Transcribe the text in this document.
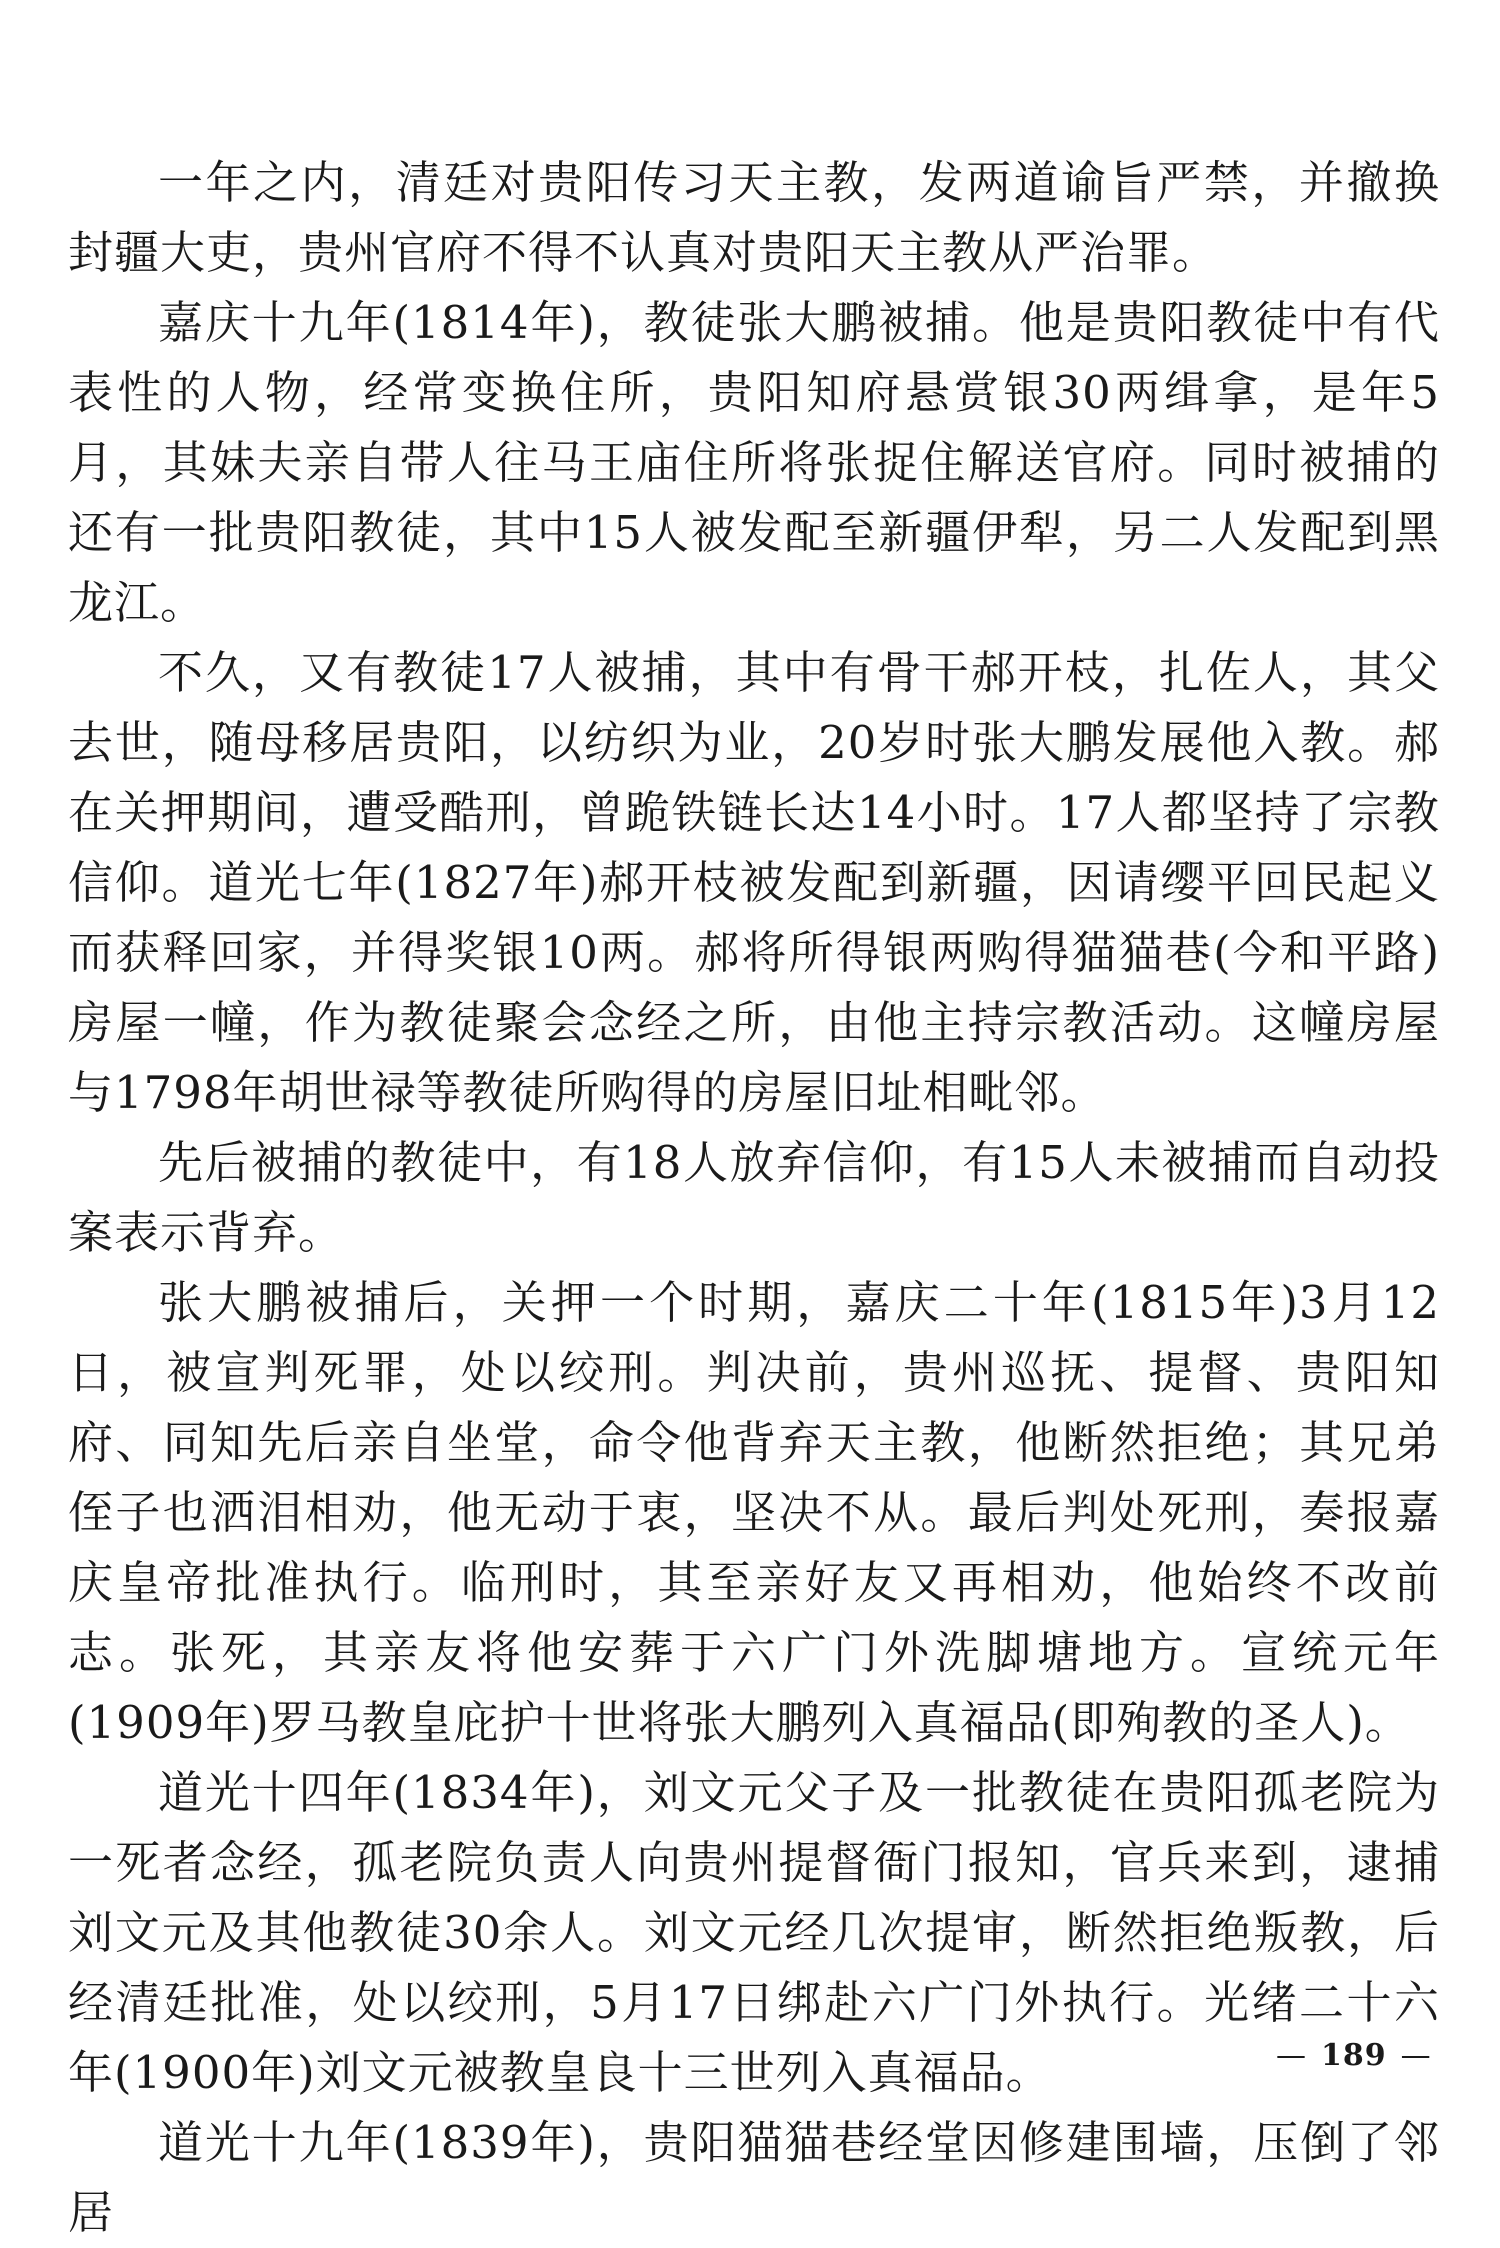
一年之内，清廷对贵阳传习天主教，发两道谕旨严禁，并撤换封疆大吏，贵州官府不得不认真对贵阳天主教从严治罪。

嘉庆十九年(1814年)，教徒张大鹏被捕。他是贵阳教徒中有代表性的人物，经常变换住所，贵阳知府悬赏银30两缉拿，是年5月，其妹夫亲自带人往马王庙住所将张捉住解送官府。同时被捕的还有一批贵阳教徒，其中15人被发配至新疆伊犁，另二人发配到黑龙江。

不久，又有教徒17人被捕，其中有骨干郝开枝，扎佐人，其父去世，随母移居贵阳，以纺织为业，20岁时张大鹏发展他入教。郝在关押期间，遭受酷刑，曾跪铁链长达14小时。17人都坚持了宗教信仰。道光七年(1827年)郝开枝被发配到新疆，因请缨平回民起义而获释回家，并得奖银10两。郝将所得银两购得猫猫巷(今和平路)房屋一幢，作为教徒聚会念经之所，由他主持宗教活动。这幢房屋与1798年胡世禄等教徒所购得的房屋旧址相毗邻。

先后被捕的教徒中，有18人放弃信仰，有15人未被捕而自动投案表示背弃。

张大鹏被捕后，关押一个时期，嘉庆二十年(1815年)3月12日，被宣判死罪，处以绞刑。判决前，贵州巡抚、提督、贵阳知府、同知先后亲自坐堂，命令他背弃天主教，他断然拒绝；其兄弟侄子也洒泪相劝，他无动于衷，坚决不从。最后判处死刑，奏报嘉庆皇帝批准执行。临刑时，其至亲好友又再相劝，他始终不改前志。张死，其亲友将他安葬于六广门外洗脚塘地方。宣统元年(1909年)罗马教皇庇护十世将张大鹏列入真福品(即殉教的圣人)。

道光十四年(1834年)，刘文元父子及一批教徒在贵阳孤老院为一死者念经，孤老院负责人向贵州提督衙门报知，官兵来到，逮捕刘文元及其他教徒30余人。刘文元经几次提审，断然拒绝叛教，后经清廷批准，处以绞刑，5月17日绑赴六广门外执行。光绪二十六年(1900年)刘文元被教皇良十三世列入真福品。

道光十九年(1839年)，贵阳猫猫巷经堂因修建围墙，压倒了邻居

— 189 —
